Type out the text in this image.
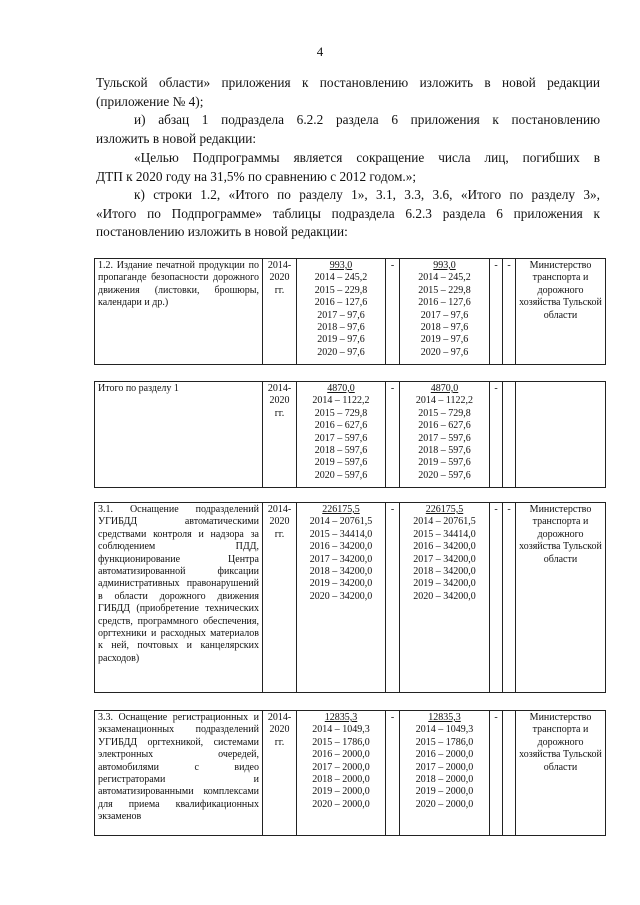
4
Тульской области» приложения к постановлению изложить в новой редакции
(приложение № 4);
и) абзац 1 подраздела 6.2.2 раздела 6 приложения к постановлению
изложить в новой редакции:
«Целью Подпрограммы является сокращение числа лиц, погибших в
ДТП к 2020 году на 31,5% по сравнению с 2012 годом.»;
к) строки 1.2, «Итого по разделу 1», 3.1, 3.3, 3.6, «Итого по разделу 3»,
«Итого по Подпрограмме» таблицы подраздела 6.2.3 раздела 6 приложения к
постановлению изложить в новой редакции:
1.2. Издание печатной продукции по пропаганде безопасности дорожного движения (листовки, брошюры, календари и др.)	2014-2020 гг.	
993,0
2014 – 245,2
2015 – 229,8
2016 – 127,6
2017 – 97,6
2018 – 97,6
2019 – 97,6
2020 – 97,6
	-	993,0
2014 – 245,2
2015 – 229,8
2016 – 127,6
2017 – 97,6
2018 – 97,6
2019 – 97,6
2020 – 97,6
	-	-	Министерство транспорта и дорожного хозяйства Тульской области
Итого по разделу 1	2014-2020 гг.	
4870,0
2014 – 1122,2
2015 – 729,8
2016 – 627,6
2017 – 597,6
2018 – 597,6
2019 – 597,6
2020 – 597,6
	-	4870,0
2014 – 1122,2
2015 – 729,8
2016 – 627,6
2017 – 597,6
2018 – 597,6
2019 – 597,6
2020 – 597,6
	-		
3.1. Оснащение подразделений УГИБДД автоматическими средствами контроля и надзора за соблюдением ПДД, функционирование Центра автоматизированной фиксации административных правонарушений в области дорожного движения ГИБДД (приобретение технических средств, программного обеспечения, оргтехники и расходных материалов к ней, почтовых и канцелярских расходов)	2014-2020 гг.	
226175,5
2014 – 20761,5
2015 – 34414,0
2016 – 34200,0
2017 – 34200,0
2018 – 34200,0
2019 – 34200,0
2020 – 34200,0
	-	226175,5
2014 – 20761,5
2015 – 34414,0
2016 – 34200,0
2017 – 34200,0
2018 – 34200,0
2019 – 34200,0
2020 – 34200,0
	-	-	Министерство транспорта и дорожного хозяйства Тульской области
3.3. Оснащение регистрационных и экзаменационных подразделений УГИБДД оргтехникой, системами электронных очередей, автомобилями с видео регистраторами и автоматизированными комплексами для приема квалификационных экзаменов	2014-2020 гг.	
12835,3
2014 – 1049,3
2015 – 1786,0
2016 – 2000,0
2017 – 2000,0
2018 – 2000,0
2019 – 2000,0
2020 – 2000,0
	-	12835,3
2014 – 1049,3
2015 – 1786,0
2016 – 2000,0
2017 – 2000,0
2018 – 2000,0
2019 – 2000,0
2020 – 2000,0
	-		Министерство транспорта и дорожного хозяйства Тульской области
